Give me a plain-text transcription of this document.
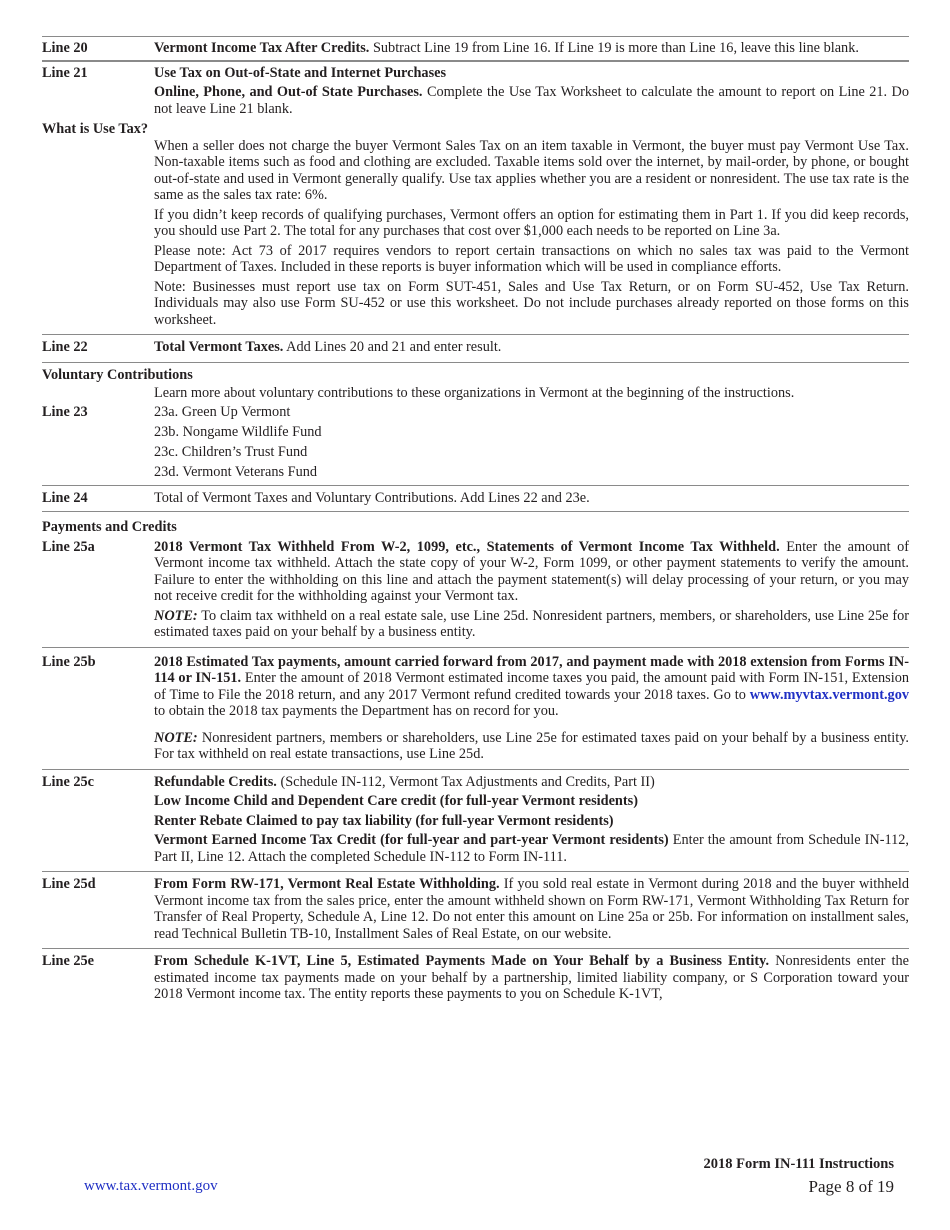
Line 20	Vermont Income Tax After Credits. Subtract Line 19 from Line 16. If Line 19 is more than Line 16, leave this line blank.
Line 21	Use Tax on Out-of-State and Internet Purchases
Online, Phone, and Out-of State Purchases. Complete the Use Tax Worksheet to calculate the amount to report on Line 21. Do not leave Line 21 blank.
What is Use Tax?
When a seller does not charge the buyer Vermont Sales Tax on an item taxable in Vermont, the buyer must pay Vermont Use Tax. Non-taxable items such as food and clothing are excluded. Taxable items sold over the internet, by mail-order, by phone, or bought out-of-state and used in Vermont generally qualify. Use tax applies whether you are a resident or nonresident. The use tax rate is the same as the sales tax rate: 6%.
If you didn’t keep records of qualifying purchases, Vermont offers an option for estimating them in Part 1. If you did keep records, you should use Part 2. The total for any purchases that cost over $1,000 each needs to be reported on Line 3a.
Please note: Act 73 of 2017 requires vendors to report certain transactions on which no sales tax was paid to the Vermont Department of Taxes. Included in these reports is buyer information which will be used in compliance efforts.
Note: Businesses must report use tax on Form SUT-451, Sales and Use Tax Return, or on Form SU-452, Use Tax Return. Individuals may also use Form SU-452 or use this worksheet. Do not include purchases already reported on those forms on this worksheet.
Line 22	Total Vermont Taxes. Add Lines 20 and 21 and enter result.
Voluntary Contributions
Learn more about voluntary contributions to these organizations in Vermont at the beginning of the instructions.
Line 23	23a. Green Up Vermont
23b. Nongame Wildlife Fund
23c. Children’s Trust Fund
23d. Vermont Veterans Fund
Line 24	Total of Vermont Taxes and Voluntary Contributions. Add Lines 22 and 23e.
Payments and Credits
Line 25a	2018 Vermont Tax Withheld From W-2, 1099, etc., Statements of Vermont Income Tax Withheld. Enter the amount of Vermont income tax withheld. Attach the state copy of your W-2, Form 1099, or other payment statements to verify the amount. Failure to enter the withholding on this line and attach the payment statement(s) will delay processing of your return, or you may not receive credit for the withholding against your Vermont tax.
NOTE: To claim tax withheld on a real estate sale, use Line 25d. Nonresident partners, members, or shareholders, use Line 25e for estimated taxes paid on your behalf by a business entity.
Line 25b	2018 Estimated Tax payments, amount carried forward from 2017, and payment made with 2018 extension from Forms IN-114 or IN-151. Enter the amount of 2018 Vermont estimated income taxes you paid, the amount paid with Form IN-151, Extension of Time to File the 2018 return, and any 2017 Vermont refund credited towards your 2018 taxes. Go to www.myvtax.vermont.gov to obtain the 2018 tax payments the Department has on record for you.
NOTE: Nonresident partners, members or shareholders, use Line 25e for estimated taxes paid on your behalf by a business entity. For tax withheld on real estate transactions, use Line 25d.
Line 25c	Refundable Credits. (Schedule IN-112, Vermont Tax Adjustments and Credits, Part II)
Low Income Child and Dependent Care credit (for full-year Vermont residents)
Renter Rebate Claimed to pay tax liability (for full-year Vermont residents)
Vermont Earned Income Tax Credit (for full-year and part-year Vermont residents) Enter the amount from Schedule IN-112, Part II, Line 12. Attach the completed Schedule IN-112 to Form IN-111.
Line 25d	From Form RW-171, Vermont Real Estate Withholding. If you sold real estate in Vermont during 2018 and the buyer withheld Vermont income tax from the sales price, enter the amount withheld shown on Form RW-171, Vermont Withholding Tax Return for Transfer of Real Property, Schedule A, Line 12. Do not enter this amount on Line 25a or 25b. For information on installment sales, read Technical Bulletin TB-10, Installment Sales of Real Estate, on our website.
Line 25e	From Schedule K-1VT, Line 5, Estimated Payments Made on Your Behalf by a Business Entity. Nonresidents enter the estimated income tax payments made on your behalf by a partnership, limited liability company, or S Corporation toward your 2018 Vermont income tax. The entity reports these payments to you on Schedule K-1VT,
2018 Form IN-111 Instructions
Page 8 of 19
www.tax.vermont.gov
